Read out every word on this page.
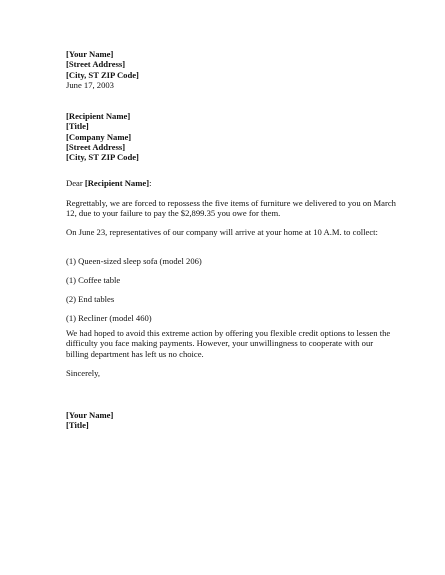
[Your Name]
[Street Address]
[City, ST ZIP Code]
June 17, 2003
[Recipient Name]
[Title]
[Company Name]
[Street Address]
[City, ST ZIP Code]
Dear [Recipient Name]:
Regrettably, we are forced to repossess the five items of furniture we delivered to you on March 12, due to your failure to pay the $2,899.35 you owe for them.
On June 23, representatives of our company will arrive at your home at 10 A.M. to collect:
(1) Queen-sized sleep sofa (model 206)
(1) Coffee table
(2) End tables
(1) Recliner (model 460)
We had hoped to avoid this extreme action by offering you flexible credit options to lessen the difficulty you face making payments. However, your unwillingness to cooperate with our billing department has left us no choice.
Sincerely,
[Your Name]
[Title]
